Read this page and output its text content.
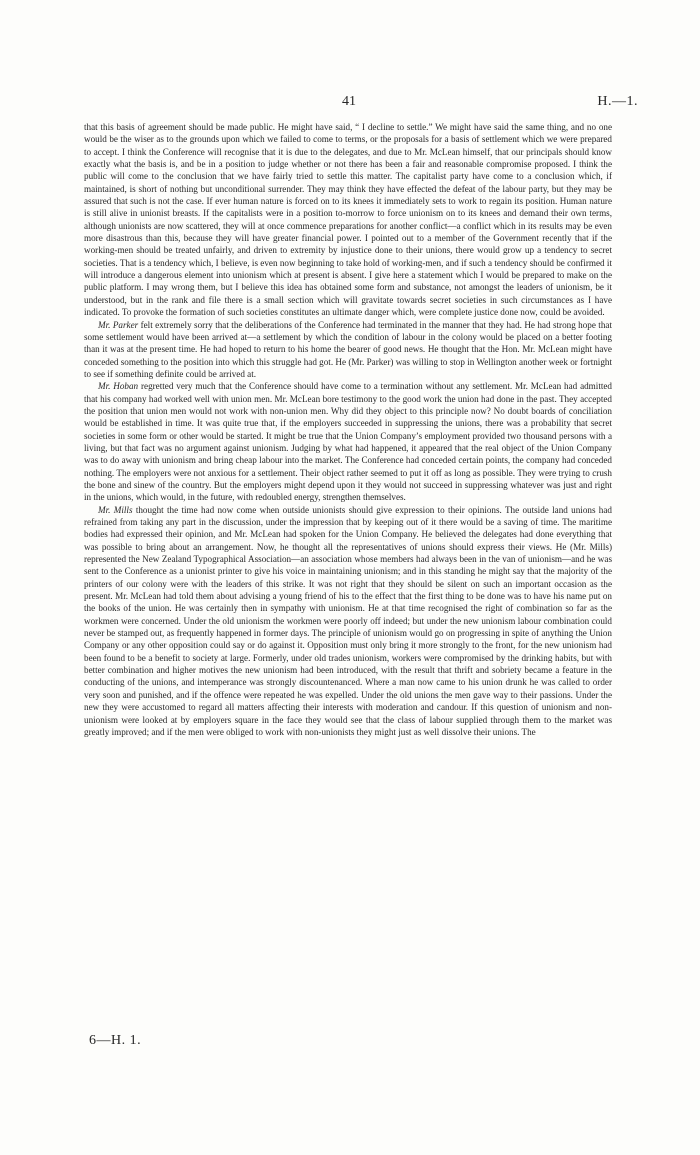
41	H.—1.

that this basis of agreement should be made public. He might have said, “ I decline to settle.” We might have said the same thing, and no one would be the wiser as to the grounds upon which we failed to come to terms, or the proposals for a basis of settlement which we were prepared to accept. I think the Conference will recognise that it is due to the delegates, and due to Mr. McLean himself, that our principals should know exactly what the basis is, and be in a position to judge whether or not there has been a fair and reasonable compromise proposed. I think the public will come to the conclusion that we have fairly tried to settle this matter. The capitalist party have come to a conclusion which, if maintained, is short of nothing but unconditional surrender. They may think they have effected the defeat of the labour party, but they may be assured that such is not the case. If ever human nature is forced on to its knees it immediately sets to work to regain its position. Human nature is still alive in unionist breasts. If the capitalists were in a position to-morrow to force unionism on to its knees and demand their own terms, although unionists are now scattered, they will at once commence preparations for another conflict—a conflict which in its results may be even more disastrous than this, because they will have greater financial power. I pointed out to a member of the Government recently that if the working-men should be treated unfairly, and driven to extremity by injustice done to their unions, there would grow up a tendency to secret societies. That is a tendency which, I believe, is even now beginning to take hold of working-men, and if such a tendency should be confirmed it will introduce a dangerous element into unionism which at present is absent. I give here a statement which I would be prepared to make on the public platform. I may wrong them, but I believe this idea has obtained some form and substance, not amongst the leaders of unionism, be it understood, but in the rank and file there is a small section which will gravitate towards secret societies in such circumstances as I have indicated. To provoke the formation of such societies constitutes an ultimate danger which, were complete justice done now, could be avoided.

Mr. Parker felt extremely sorry that the deliberations of the Conference had terminated in the manner that they had. He had strong hope that some settlement would have been arrived at—a settlement by which the condition of labour in the colony would be placed on a better footing than it was at the present time. He had hoped to return to his home the bearer of good news. He thought that the Hon. Mr. McLean might have conceded something to the position into which this struggle had got. He (Mr. Parker) was willing to stop in Wellington another week or fortnight to see if something definite could be arrived at.

Mr. Hoban regretted very much that the Conference should have come to a termination without any settlement. Mr. McLean had admitted that his company had worked well with union men. Mr. McLean bore testimony to the good work the union had done in the past. They accepted the position that union men would not work with non-union men. Why did they object to this principle now? No doubt boards of conciliation would be established in time. It was quite true that, if the employers succeeded in suppressing the unions, there was a probability that secret societies in some form or other would be started. It might be true that the Union Company’s employment provided two thousand persons with a living, but that fact was no argument against unionism. Judging by what had happened, it appeared that the real object of the Union Company was to do away with unionism and bring cheap labour into the market. The Conference had conceded certain points, the company had conceded nothing. The employers were not anxious for a settlement. Their object rather seemed to put it off as long as possible. They were trying to crush the bone and sinew of the country. But the employers might depend upon it they would not succeed in suppressing whatever was just and right in the unions, which would, in the future, with redoubled energy, strengthen themselves.

Mr. Mills thought the time had now come when outside unionists should give expression to their opinions. The outside land unions had refrained from taking any part in the discussion, under the impression that by keeping out of it there would be a saving of time. The maritime bodies had expressed their opinion, and Mr. McLean had spoken for the Union Company. He believed the delegates had done everything that was possible to bring about an arrangement. Now, he thought all the representatives of unions should express their views. He (Mr. Mills) represented the New Zealand Typographical Association—an association whose members had always been in the van of unionism—and he was sent to the Conference as a unionist printer to give his voice in maintaining unionism; and in this standing he might say that the majority of the printers of our colony were with the leaders of this strike. It was not right that they should be silent on such an important occasion as the present. Mr. McLean had told them about advising a young friend of his to the effect that the first thing to be done was to have his name put on the books of the union. He was certainly then in sympathy with unionism. He at that time recognised the right of combination so far as the workmen were concerned. Under the old unionism the workmen were poorly off indeed; but under the new unionism labour combination could never be stamped out, as frequently happened in former days. The principle of unionism would go on progressing in spite of anything the Union Company or any other opposition could say or do against it. Opposition must only bring it more strongly to the front, for the new unionism had been found to be a benefit to society at large. Formerly, under old trades unionism, workers were compromised by the drinking habits, but with better combination and higher motives the new unionism had been introduced, with the result that thrift and sobriety became a feature in the conducting of the unions, and intemperance was strongly discountenanced. Where a man now came to his union drunk he was called to order very soon and punished, and if the offence were repeated he was expelled. Under the old unions the men gave way to their passions. Under the new they were accustomed to regard all matters affecting their interests with moderation and candour. If this question of unionism and non-unionism were looked at by employers square in the face they would see that the class of labour supplied through them to the market was greatly improved; and if the men were obliged to work with non-unionists they might just as well dissolve their unions. The

6—H. 1.
